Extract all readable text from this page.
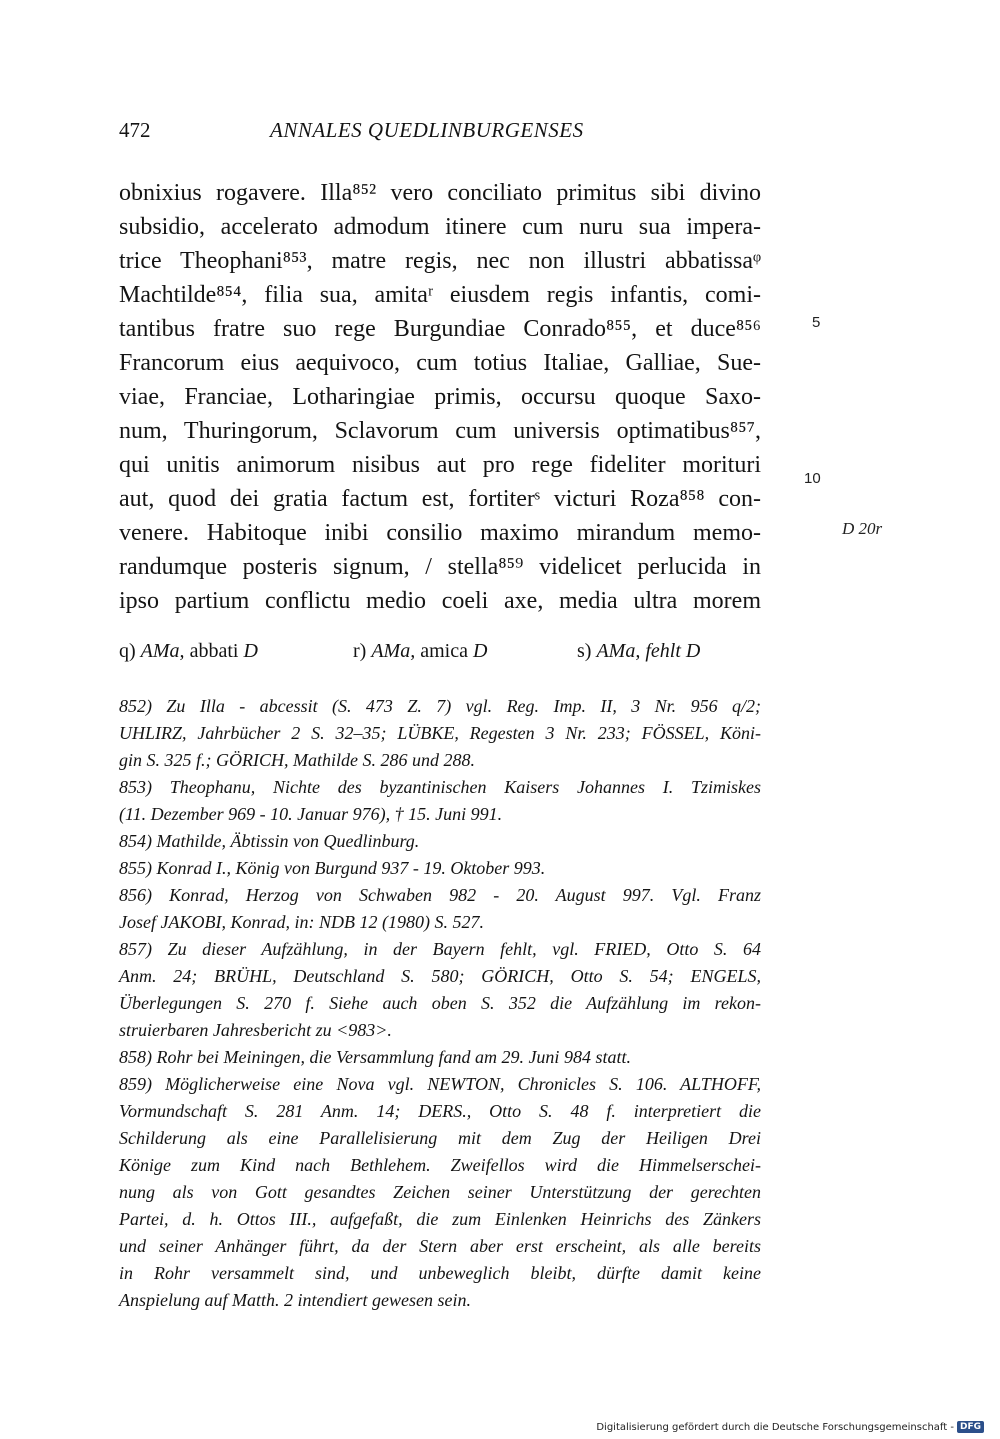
472	ANNALES QUEDLINBURGENSES
obnixius rogavere. Illa⁸⁵² vero conciliato primitus sibi divino
subsidio, accelerato admodum itinere cum nuru sua impera-
trice Theophani⁸⁵³, matre regis, nec non illustri abbatissaᵠ
Machtilde⁸⁵⁴, filia sua, amitaʳ eiusdem regis infantis, comi-
tantibus fratre suo rege Burgundiae Conrado⁸⁵⁵, et duce⁸⁵⁶
Francorum eius aequivoco, cum totius Italiae, Galliae, Sue-
viae, Franciae, Lotharingiae primis, occursu quoque Saxo-
num, Thuringorum, Sclavorum cum universis optimatibus⁸⁵⁷,
qui unitis animorum nisibus aut pro rege fideliter morituri
aut, quod dei gratia factum est, fortiterˢ victuri Roza⁸⁵⁸ con-
venere. Habitoque inibi consilio maximo mirandum memo-
randumque posteris signum, / stella⁸⁵⁹ videlicet perlucida in
ipso partium conflictu medio coeli axe, media ultra morem
5
10
D 20r
q) AMa, abbati D	r) AMa, amica D	s) AMa, fehlt D
852) Zu Illa - abcessit (S. 473 Z. 7) vgl. Reg. Imp. II, 3 Nr. 956 q/2;
UHLIRZ, Jahrbücher 2 S. 32–35; LÜBKE, Regesten 3 Nr. 233; FÖSSEL, Köni-
gin S. 325 f.; GÖRICH, Mathilde S. 286 und 288.
853) Theophanu, Nichte des byzantinischen Kaisers Johannes I. Tzimiskes
(11. Dezember 969 - 10. Januar 976), † 15. Juni 991.
854) Mathilde, Äbtissin von Quedlinburg.
855) Konrad I., König von Burgund 937 - 19. Oktober 993.
856) Konrad, Herzog von Schwaben 982 - 20. August 997. Vgl. Franz
Josef JAKOBI, Konrad, in: NDB 12 (1980) S. 527.
857) Zu dieser Aufzählung, in der Bayern fehlt, vgl. FRIED, Otto S. 64
Anm. 24; BRÜHL, Deutschland S. 580; GÖRICH, Otto S. 54; ENGELS,
Überlegungen S. 270 f. Siehe auch oben S. 352 die Aufzählung im rekon-
struierbaren Jahresbericht zu <983>.
858) Rohr bei Meiningen, die Versammlung fand am 29. Juni 984 statt.
859) Möglicherweise eine Nova vgl. NEWTON, Chronicles S. 106. ALTHOFF,
Vormundschaft S. 281 Anm. 14; DERS., Otto S. 48 f. interpretiert die
Schilderung als eine Parallelisierung mit dem Zug der Heiligen Drei
Könige zum Kind nach Bethlehem. Zweifellos wird die Himmelserschei-
nung als von Gott gesandtes Zeichen seiner Unterstützung der gerechten
Partei, d. h. Ottos III., aufgefaßt, die zum Einlenken Heinrichs des Zänkers
und seiner Anhänger führt, da der Stern aber erst erscheint, als alle bereits
in Rohr versammelt sind, und unbeweglich bleibt, dürfte damit keine
Anspielung auf Matth. 2 intendiert gewesen sein.
Digitalisierung gefördert durch die Deutsche Forschungsgemeinschaft - DFG
